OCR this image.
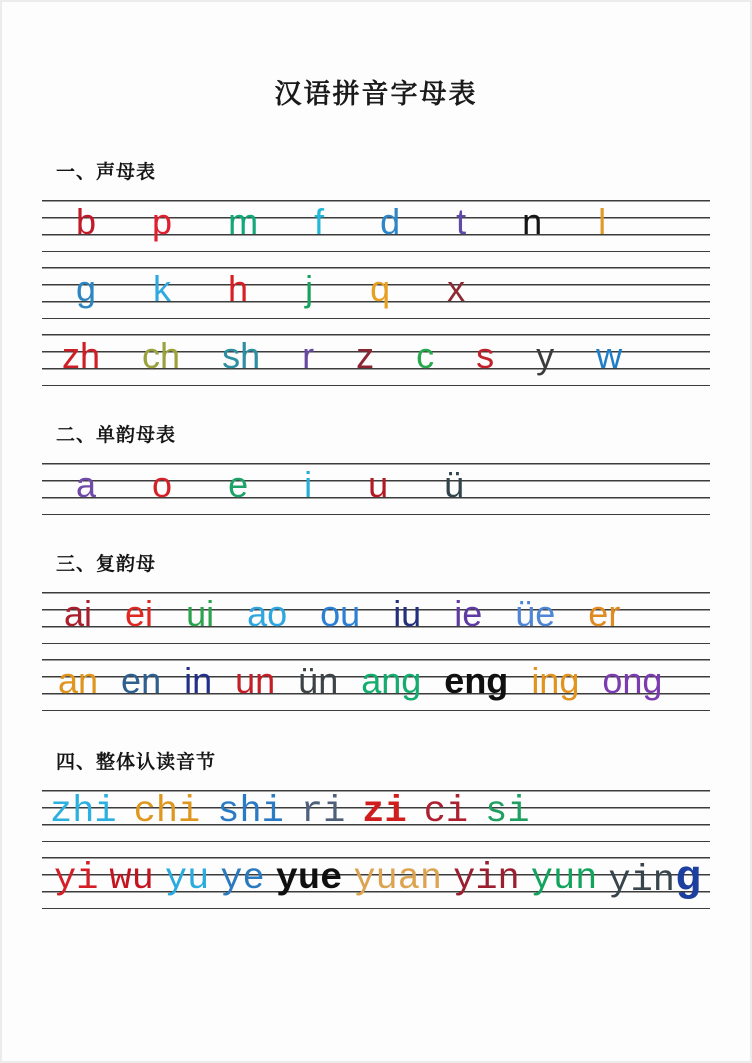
汉语拼音字母表
一、声母表
b p m f d t n l
g k h j q x
zh ch sh r z c s y w
二、单韵母表
a o e i u ü
三、复韵母
ai ei ui ao ou iu ie üe er
an en in un ün ang eng ing ong
四、整体认读音节
zhi chi shi ri zi ci si
yi wu yu ye yue yuan yin yun ying
